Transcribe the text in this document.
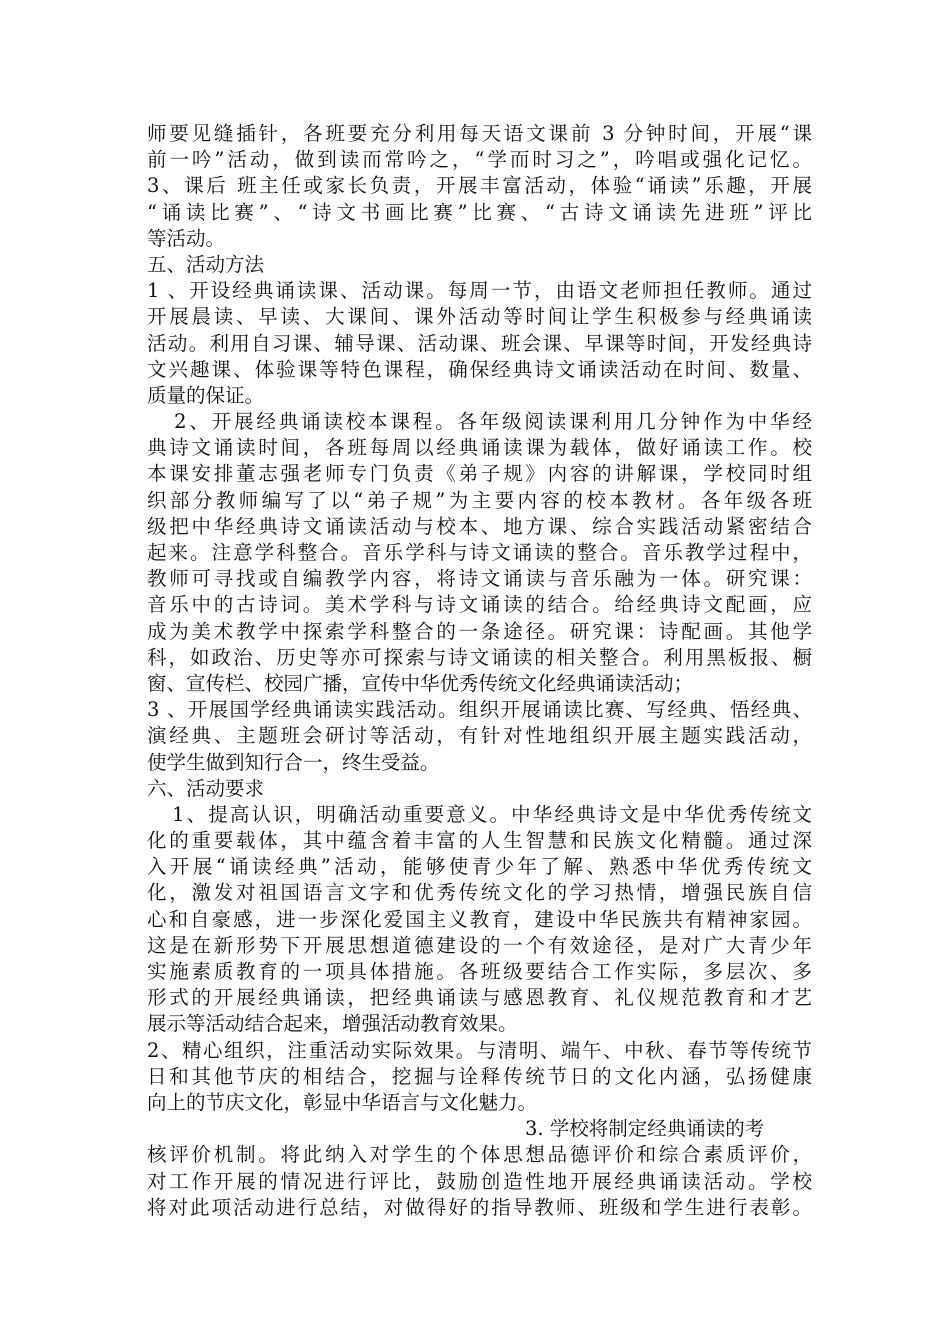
师要见缝插针，各班要充分利用每天语文课前 3 分钟时间，开展“课
前一吟”活动，做到读而常吟之，“学而时习之”，吟唱或强化记忆。
3、课后 班主任或家长负责，开展丰富活动，体验“诵读”乐趣，开展
“诵读比赛”、“诗文书画比赛”比赛、“古诗文诵读先进班”评比
等活动。
五、活动方法
1 、开设经典诵读课、活动课。每周一节，由语文老师担任教师。通过
开展晨读、早读、大课间、课外活动等时间让学生积极参与经典诵读
活动。利用自习课、辅导课、活动课、班会课、早课等时间，开发经典诗
文兴趣课、体验课等特色课程，确保经典诗文诵读活动在时间、数量、
质量的保证。
2、开展经典诵读校本课程。各年级阅读课利用几分钟作为中华经
典诗文诵读时间，各班每周以经典诵读课为载体，做好诵读工作。校
本课安排董志强老师专门负责《弟子规》内容的讲解课，学校同时组
织部分教师编写了以“弟子规”为主要内容的校本教材。各年级各班
级把中华经典诗文诵读活动与校本、地方课、综合实践活动紧密结合
起来。注意学科整合。音乐学科与诗文诵读的整合。音乐教学过程中，
教师可寻找或自编教学内容，将诗文诵读与音乐融为一体。研究课：
音乐中的古诗词。美术学科与诗文诵读的结合。给经典诗文配画，应
成为美术教学中探索学科整合的一条途径。研究课：诗配画。其他学
科，如政治、历史等亦可探索与诗文诵读的相关整合。利用黑板报、橱
窗、宣传栏、校园广播，宣传中华优秀传统文化经典诵读活动；
3 、开展国学经典诵读实践活动。组织开展诵读比赛、写经典、悟经典、
演经典、主题班会研讨等活动，有针对性地组织开展主题实践活动，
使学生做到知行合一，终生受益。
六、活动要求
1、提高认识，明确活动重要意义。中华经典诗文是中华优秀传统文
化的重要载体，其中蕴含着丰富的人生智慧和民族文化精髓。通过深
入开展“诵读经典”活动，能够使青少年了解、熟悉中华优秀传统文
化，激发对祖国语言文字和优秀传统文化的学习热情，增强民族自信
心和自豪感，进一步深化爱国主义教育，建设中华民族共有精神家园。
这是在新形势下开展思想道德建设的一个有效途径，是对广大青少年
实施素质教育的一项具体措施。各班级要结合工作实际，多层次、多
形式的开展经典诵读，把经典诵读与感恩教育、礼仪规范教育和才艺
展示等活动结合起来，增强活动教育效果。
2、精心组织，注重活动实际效果。与清明、端午、中秋、春节等传统节
日和其他节庆的相结合，挖掘与诠释传统节日的文化内涵，弘扬健康
向上的节庆文化，彰显中华语言与文化魅力。
3. 学校将制定经典诵读的考
核评价机制。将此纳入对学生的个体思想品德评价和综合素质评价，
对工作开展的情况进行评比，鼓励创造性地开展经典诵读活动。学校
将对此项活动进行总结，对做得好的指导教师、班级和学生进行表彰。
